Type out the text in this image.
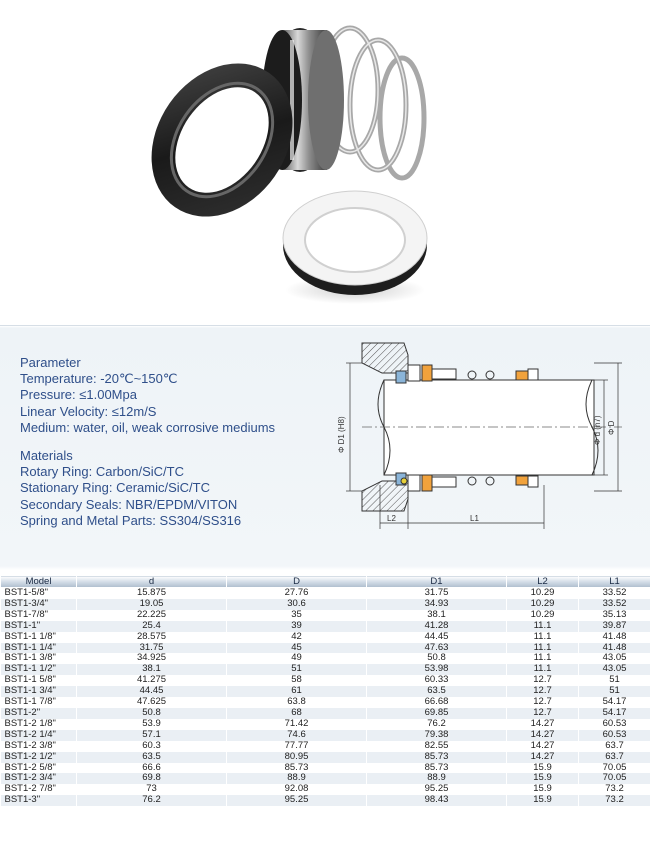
Parameter
Temperature: -20℃~150℃
Pressure: ≤1.00Mpa
Linear Velocity: ≤12m/S
Medium: water, oil, weak corrosive mediums
Materials
Rotary Ring: Carbon/SiC/TC
Stationary Ring: Ceramic/SiC/TC
Secondary Seals: NBR/EPDM/VITON
Spring and Metal Parts: SS304/SS316
Φ D1 (H8)	Φ d (h7) Φ D
L2	L1
Model	d	D	D1	L2	L1
BST1-5/8"	15.875	27.76	31.75	10.29	33.52
BST1-3/4"	19.05	30.6	34.93	10.29	33.52
BST1-7/8"	22.225	35	38.1	10.29	35.13
BST1-1"	25.4	39	41.28	11.1	39.87
BST1-1 1/8"	28.575	42	44.45	11.1	41.48
BST1-1 1/4"	31.75	45	47.63	11.1	41.48
BST1-1 3/8"	34.925	49	50.8	11.1	43.05
BST1-1 1/2"	38.1	51	53.98	11.1	43.05
BST1-1 5/8"	41.275	58	60.33	12.7	51
BST1-1 3/4"	44.45	61	63.5	12.7	51
BST1-1 7/8"	47.625	63.8	66.68	12.7	54.17
BST1-2"	50.8	68	69.85	12.7	54.17
BST1-2 1/8"	53.9	71.42	76.2	14.27	60.53
BST1-2 1/4"	57.1	74.6	79.38	14.27	60.53
BST1-2 3/8"	60.3	77.77	82.55	14.27	63.7
BST1-2 1/2"	63.5	80.95	85.73	14.27	63.7
BST1-2 5/8"	66.6	85.73	85.73	15.9	70.05
BST1-2 3/4"	69.8	88.9	88.9	15.9	70.05
BST1-2 7/8"	73	92.08	95.25	15.9	73.2
BST1-3"	76.2	95.25	98.43	15.9	73.2
